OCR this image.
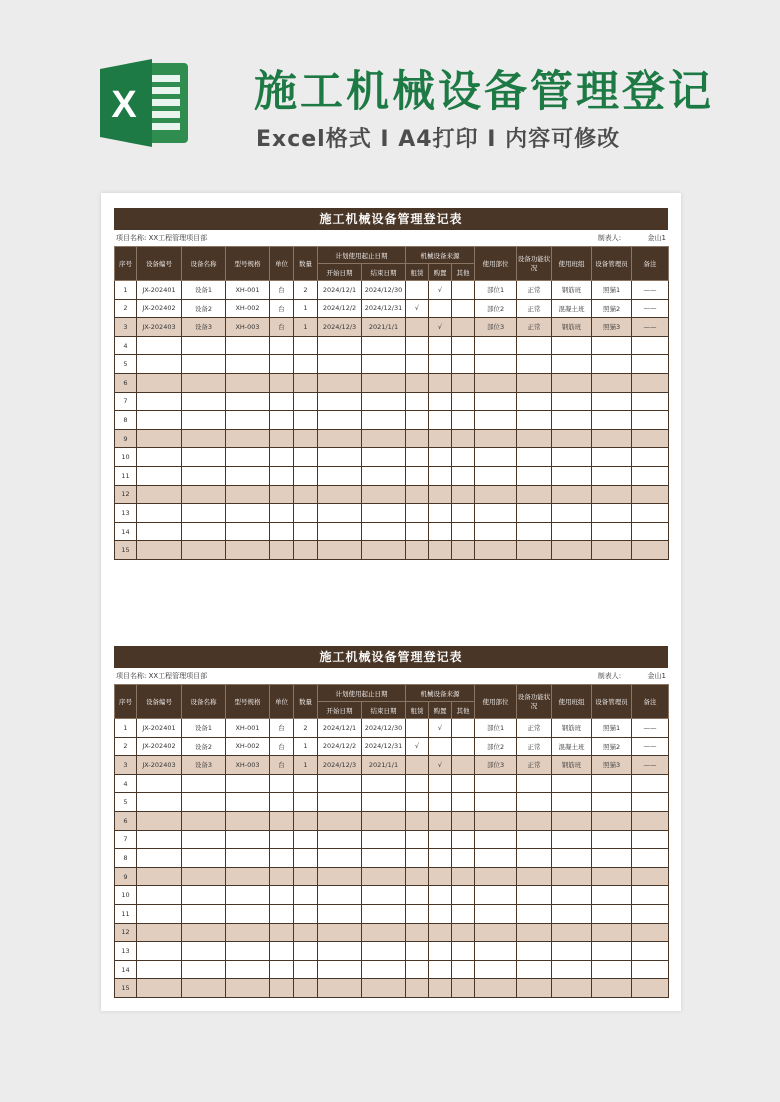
X	施工机械设备管理登记
Excel格式 I A4打印 I 内容可修改
施工机械设备管理登记表
项目名称: XX工程管理项目部	制表人:	金山1
序号	设备编号	设备名称	型号规格	单位	数量	计划使用起止日期		机械设备来源			使用部位	设备功能状况	使用班组	设备管理员	备注
						开始日期	结束日期	租赁	购置	其他					
1	JX-202401	设备1	XH-001	台	2	2024/12/1	2024/12/30		√		部位1	正常	钢筋班	照猫1	——
2	JX-202402	设备2	XH-002	台	1	2024/12/2	2024/12/31	√			部位2	正常	混凝土班	照猫2	——
3	JX-202403	设备3	XH-003	台	1	2024/12/3	2021/1/1		√		部位3	正常	钢筋班	照猫3	——
4															
5															
6															
7															
8															
9															
10															
11															
12															
13															
14															
15															
施工机械设备管理登记表
项目名称: XX工程管理项目部	制表人:	金山1
序号	设备编号	设备名称	型号规格	单位	数量	计划使用起止日期		机械设备来源			使用部位	设备功能状况	使用班组	设备管理员	备注
						开始日期	结束日期	租赁	购置	其他					
1	JX-202401	设备1	XH-001	台	2	2024/12/1	2024/12/30		√		部位1	正常	钢筋班	照猫1	——
2	JX-202402	设备2	XH-002	台	1	2024/12/2	2024/12/31	√			部位2	正常	混凝土班	照猫2	——
3	JX-202403	设备3	XH-003	台	1	2024/12/3	2021/1/1		√		部位3	正常	钢筋班	照猫3	——
4															
5															
6															
7															
8															
9															
10															
11															
12															
13															
14															
15															
